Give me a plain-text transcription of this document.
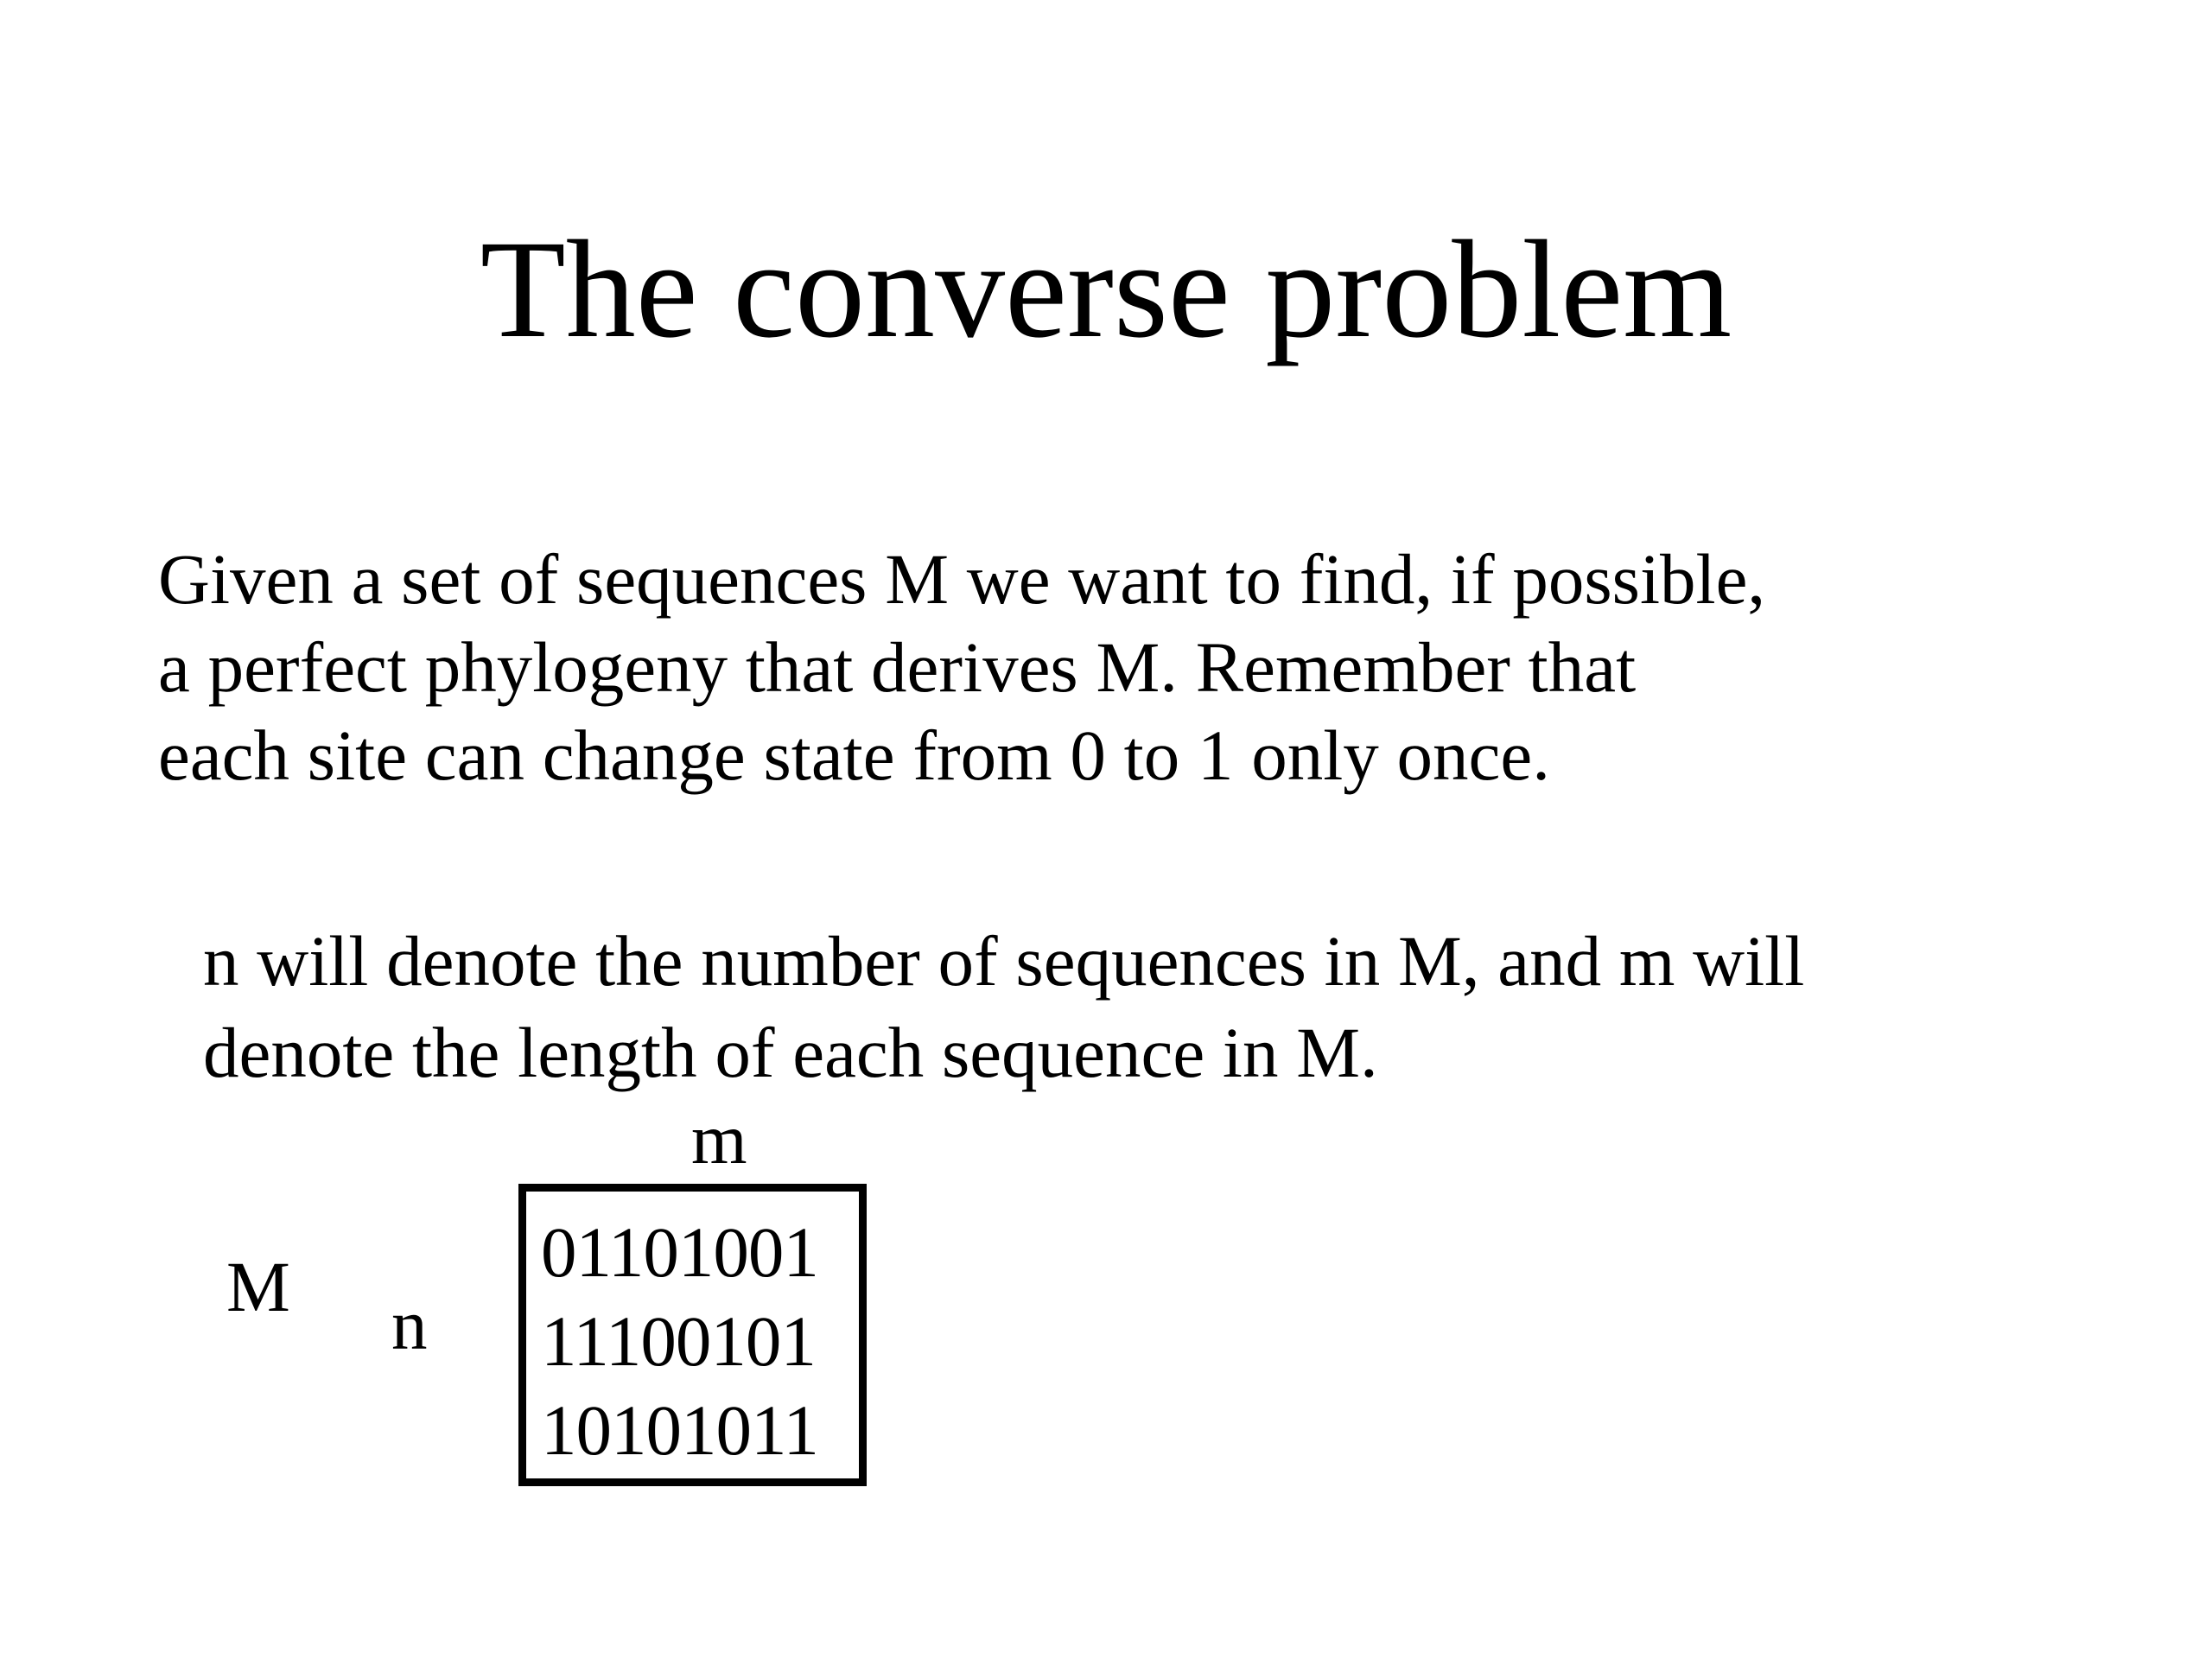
The converse problem
Given a set of sequences M we want to find, if possible,
a perfect phylogeny that derives M. Remember that
each site can change state from 0 to 1 only once.
n will denote the number of sequences in M, and m will
denote the length of each sequence in M.
m
M n
01101001
11100101
10101011
